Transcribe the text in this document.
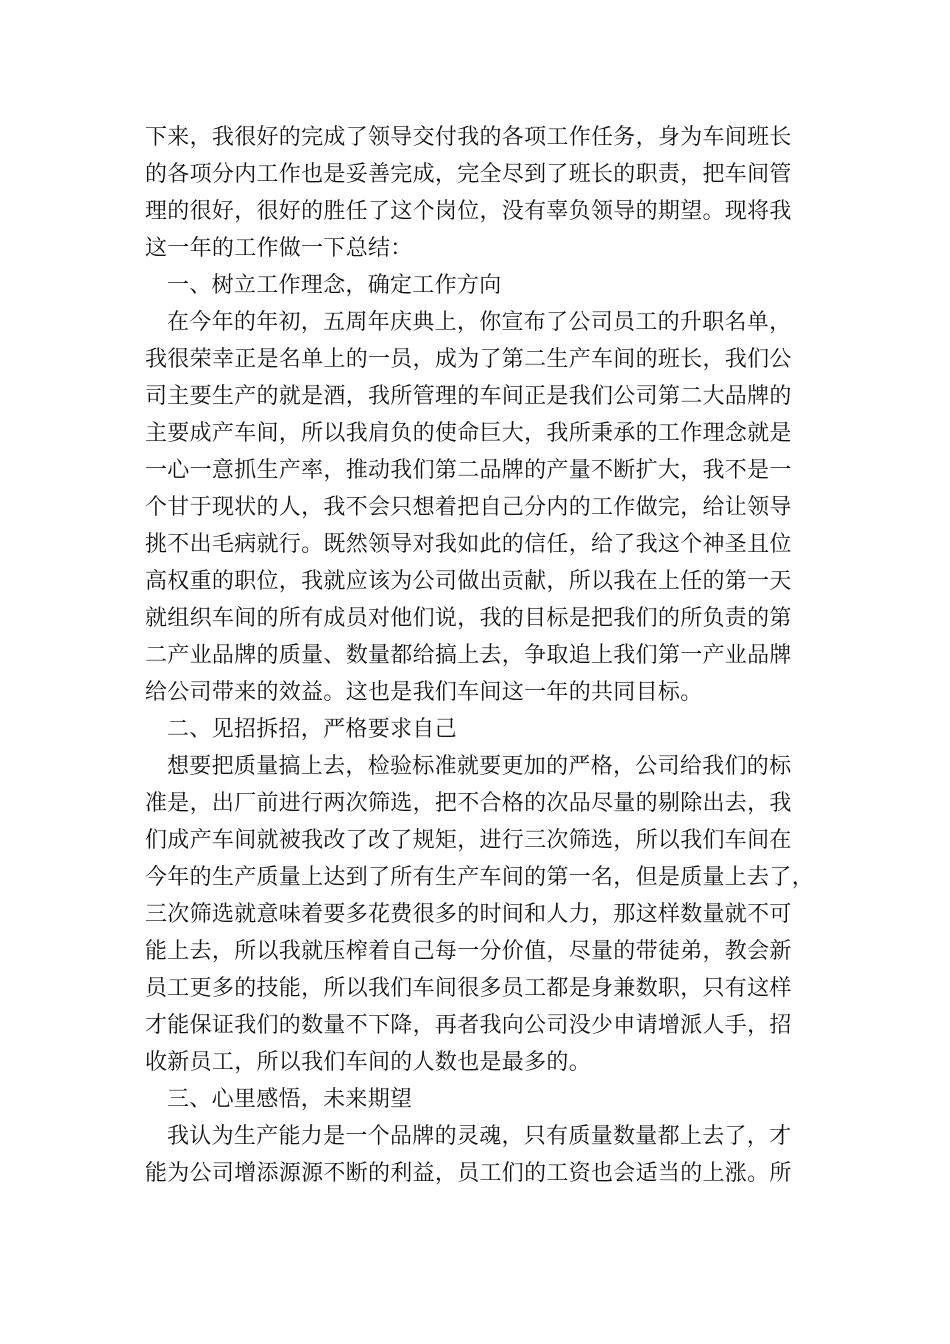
下来，我很好的完成了领导交付我的各项工作任务，身为车间班长
的各项分内工作也是妥善完成，完全尽到了班长的职责，把车间管
理的很好，很好的胜任了这个岗位，没有辜负领导的期望。现将我
这一年的工作做一下总结：
一、树立工作理念，确定工作方向
在今年的年初，五周年庆典上，你宣布了公司员工的升职名单，
我很荣幸正是名单上的一员，成为了第二生产车间的班长，我们公
司主要生产的就是酒，我所管理的车间正是我们公司第二大品牌的
主要成产车间，所以我肩负的使命巨大，我所秉承的工作理念就是
一心一意抓生产率，推动我们第二品牌的产量不断扩大，我不是一
个甘于现状的人，我不会只想着把自己分内的工作做完，给让领导
挑不出毛病就行。既然领导对我如此的信任，给了我这个神圣且位
高权重的职位，我就应该为公司做出贡献，所以我在上任的第一天
就组织车间的所有成员对他们说，我的目标是把我们的所负责的第
二产业品牌的质量、数量都给搞上去，争取追上我们第一产业品牌
给公司带来的效益。这也是我们车间这一年的共同目标。
二、见招拆招，严格要求自己
想要把质量搞上去，检验标准就要更加的严格，公司给我们的标
准是，出厂前进行两次筛选，把不合格的次品尽量的剔除出去，我
们成产车间就被我改了改了规矩，进行三次筛选，所以我们车间在
今年的生产质量上达到了所有生产车间的第一名，但是质量上去了，
三次筛选就意味着要多花费很多的时间和人力，那这样数量就不可
能上去，所以我就压榨着自己每一分价值，尽量的带徒弟，教会新
员工更多的技能，所以我们车间很多员工都是身兼数职，只有这样
才能保证我们的数量不下降，再者我向公司没少申请增派人手，招
收新员工，所以我们车间的人数也是最多的。
三、心里感悟，未来期望
我认为生产能力是一个品牌的灵魂，只有质量数量都上去了，才
能为公司增添源源不断的利益，员工们的工资也会适当的上涨。所
